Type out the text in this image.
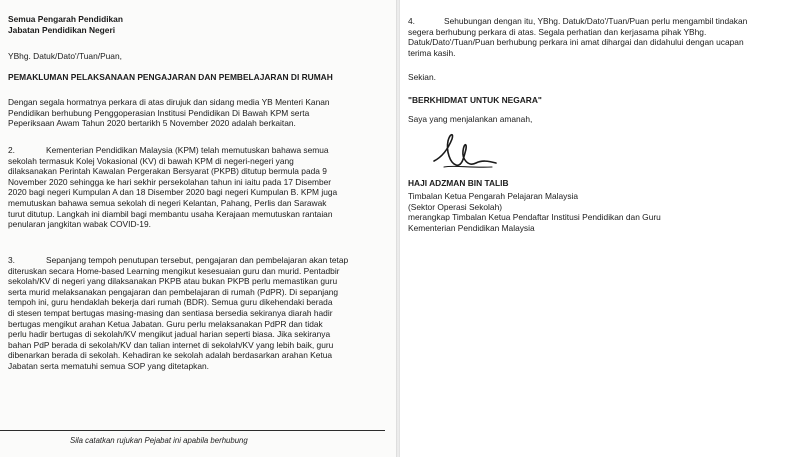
Semua Pengarah Pendidikan
Jabatan Pendidikan Negeri
YBhg. Datuk/Dato'/Tuan/Puan,
PEMAKLUMAN PELAKSANAAN PENGAJARAN DAN PEMBELAJARAN DI RUMAH
Dengan segala hormatnya perkara di atas dirujuk dan sidang media YB Menteri Kanan
Pendidikan berhubung Penggoperasian Institusi Pendidikan Di Bawah KPM serta
Peperiksaan Awam Tahun 2020 bertarikh 5 November 2020 adalah berkaitan.
2.	Kementerian Pendidikan Malaysia (KPM) telah memutuskan bahawa semua
sekolah termasuk Kolej Vokasional (KV) di bawah KPM di negeri-negeri yang
dilaksanakan Perintah Kawalan Pergerakan Bersyarat (PKPB) ditutup bermula pada 9
November 2020 sehingga ke hari sekhir persekolahan tahun ini iaitu pada 17 Disember
2020 bagi negeri Kumpulan A dan 18 Disember 2020 bagi negeri Kumpulan B. KPM juga
memutuskan bahawa semua sekolah di negeri Kelantan, Pahang, Perlis dan Sarawak
turut ditutup. Langkah ini diambil bagi membantu usaha Kerajaan memutuskan rantaian
penularan jangkitan wabak COVID-19.
3.	Sepanjang tempoh penutupan tersebut, pengajaran dan pembelajaran akan tetap
diteruskan secara Home-based Learning mengikut kesesuaian guru dan murid. Pentadbir
sekolah/KV di negeri yang dilaksanakan PKPB atau bukan PKPB perlu memastikan guru
serta murid melaksanakan pengajaran dan pembelajaran di rumah (PdPR). Di sepanjang
tempoh ini, guru hendaklah bekerja dari rumah (BDR). Semua guru dikehendaki berada
di stesen tempat bertugas masing-masing dan sentiasa bersedia sekiranya diarah hadir
bertugas mengikut arahan Ketua Jabatan. Guru perlu melaksanakan PdPR dan tidak
perlu hadir bertugas di sekolah/KV mengikut jadual harian seperti biasa. Jika sekiranya
bahan PdP berada di sekolah/KV dan talian internet di sekolah/KV yang lebih baik, guru
dibenarkan berada di sekolah. Kehadiran ke sekolah adalah berdasarkan arahan Ketua
Jabatan serta mematuhi semua SOP yang ditetapkan.
Sila catatkan rujukan Pejabat ini apabila berhubung
4.	Sehubungan dengan itu, YBhg. Datuk/Dato'/Tuan/Puan perlu mengambil tindakan
segera berhubung perkara di atas. Segala perhatian dan kerjasama pihak YBhg.
Datuk/Dato'/Tuan/Puan berhubung perkara ini amat dihargai dan didahului dengan ucapan
terima kasih.
Sekian.
"BERKHIDMAT UNTUK NEGARA"
Saya yang menjalankan amanah,
HAJI ADZMAN BIN TALIB
Timbalan Ketua Pengarah Pelajaran Malaysia
(Sektor Operasi Sekolah)
merangkap Timbalan Ketua Pendaftar Institusi Pendidikan dan Guru
Kementerian Pendidikan Malaysia
